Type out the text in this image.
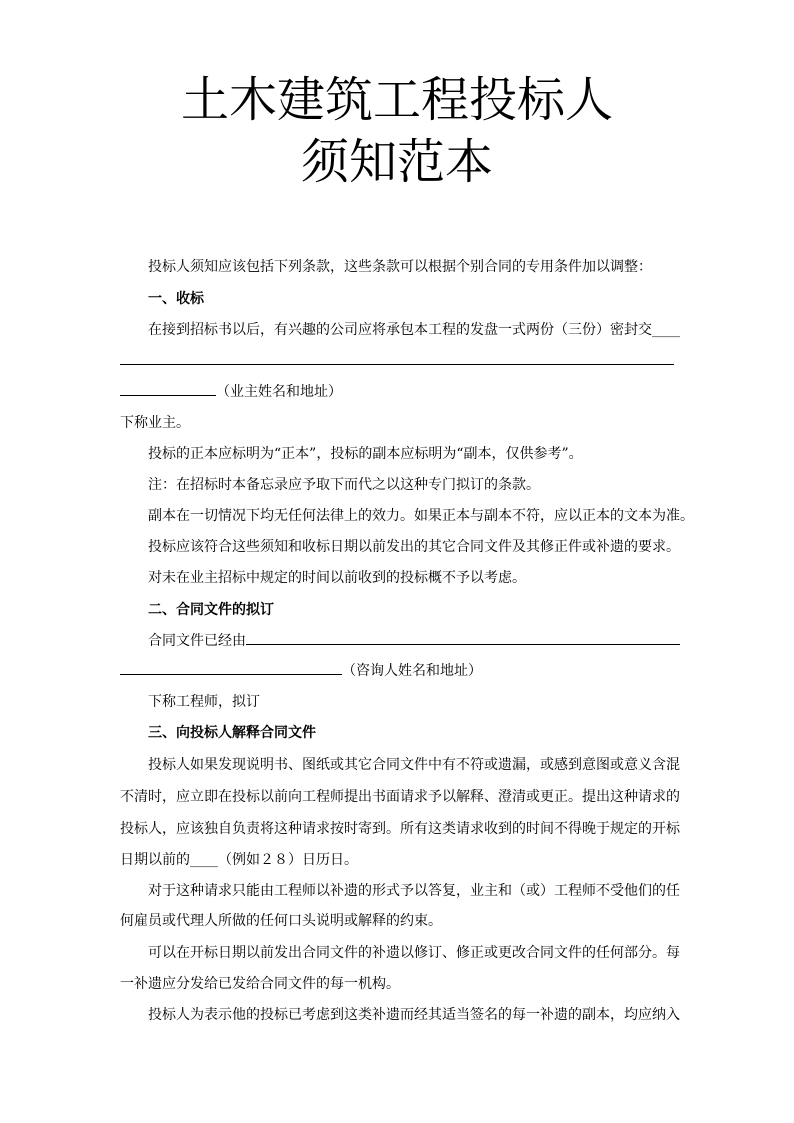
土木建筑工程投标人
须知范本
投标人须知应该包括下列条款，这些条款可以根据个别合同的专用条件加以调整：
一、收标
在接到招标书以后，有兴趣的公司应将承包本工程的发盘一式两份（三份）密封交____
（业主姓名和地址）
下称业主。
投标的正本应标明为“正本”，投标的副本应标明为“副本，仅供参考”。
注：在招标时本备忘录应予取下而代之以这种专门拟订的条款。
副本在一切情况下均无任何法律上的效力。如果正本与副本不符，应以正本的文本为准。
投标应该符合这些须知和收标日期以前发出的其它合同文件及其修正件或补遗的要求。
对未在业主招标中规定的时间以前收到的投标概不予以考虑。
二、合同文件的拟订
合同文件已经由
（咨询人姓名和地址）
下称工程师，拟订
三、向投标人解释合同文件
投标人如果发现说明书、图纸或其它合同文件中有不符或遗漏，或感到意图或意义含混
不清时，应立即在投标以前向工程师提出书面请求予以解释、澄清或更正。提出这种请求的
投标人，应该独自负责将这种请求按时寄到。所有这类请求收到的时间不得晚于规定的开标
日期以前的____（例如２８）日历日。
对于这种请求只能由工程师以补遗的形式予以答复，业主和（或）工程师不受他们的任
何雇员或代理人所做的任何口头说明或解释的约束。
可以在开标日期以前发出合同文件的补遗以修订、修正或更改合同文件的任何部分。每
一补遗应分发给已发给合同文件的每一机构。
投标人为表示他的投标已考虑到这类补遗而经其适当签名的每一补遗的副本，均应纳入
